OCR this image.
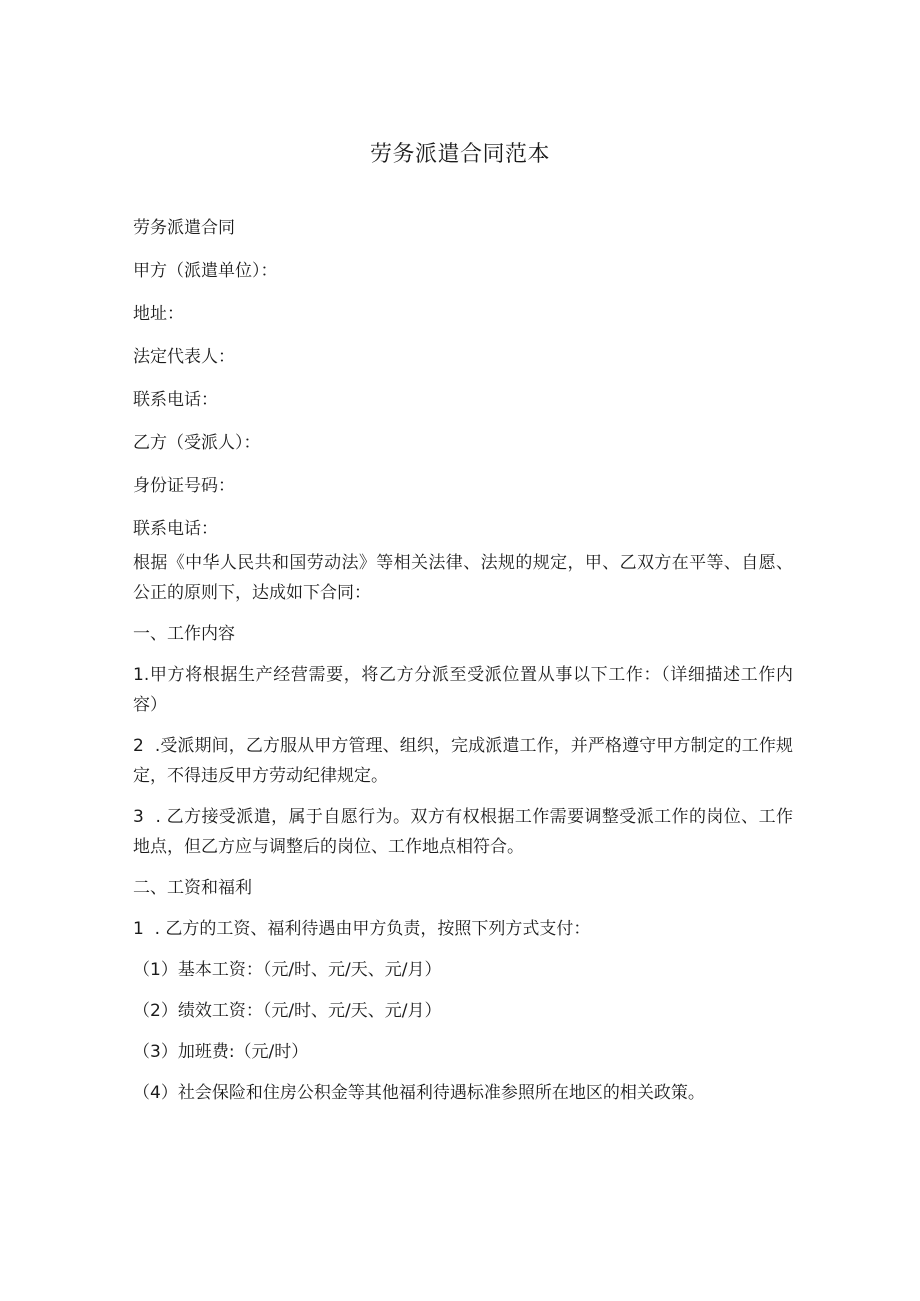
劳务派遣合同范本

劳务派遣合同

甲方（派遣单位）：

地址：

法定代表人：

联系电话：

乙方（受派人）：

身份证号码：

联系电话：

根据《中华人民共和国劳动法》等相关法律、法规的规定，甲、乙双方在平等、自愿、公正的原则下，达成如下合同：

一、工作内容

1.甲方将根据生产经营需要，将乙方分派至受派位置从事以下工作：（详细描述工作内容）

2  .受派期间，乙方服从甲方管理、组织，完成派遣工作，并严格遵守甲方制定的工作规定，不得违反甲方劳动纪律规定。

3  . 乙方接受派遣，属于自愿行为。双方有权根据工作需要调整受派工作的岗位、工作地点，但乙方应与调整后的岗位、工作地点相符合。

二、工资和福利

1  . 乙方的工资、福利待遇由甲方负责，按照下列方式支付：

（1）基本工资：（元/时、元/天、元/月）

（2）绩效工资：（元/时、元/天、元/月）

（3）加班费:（元/时）

（4）社会保险和住房公积金等其他福利待遇标准参照所在地区的相关政策。
